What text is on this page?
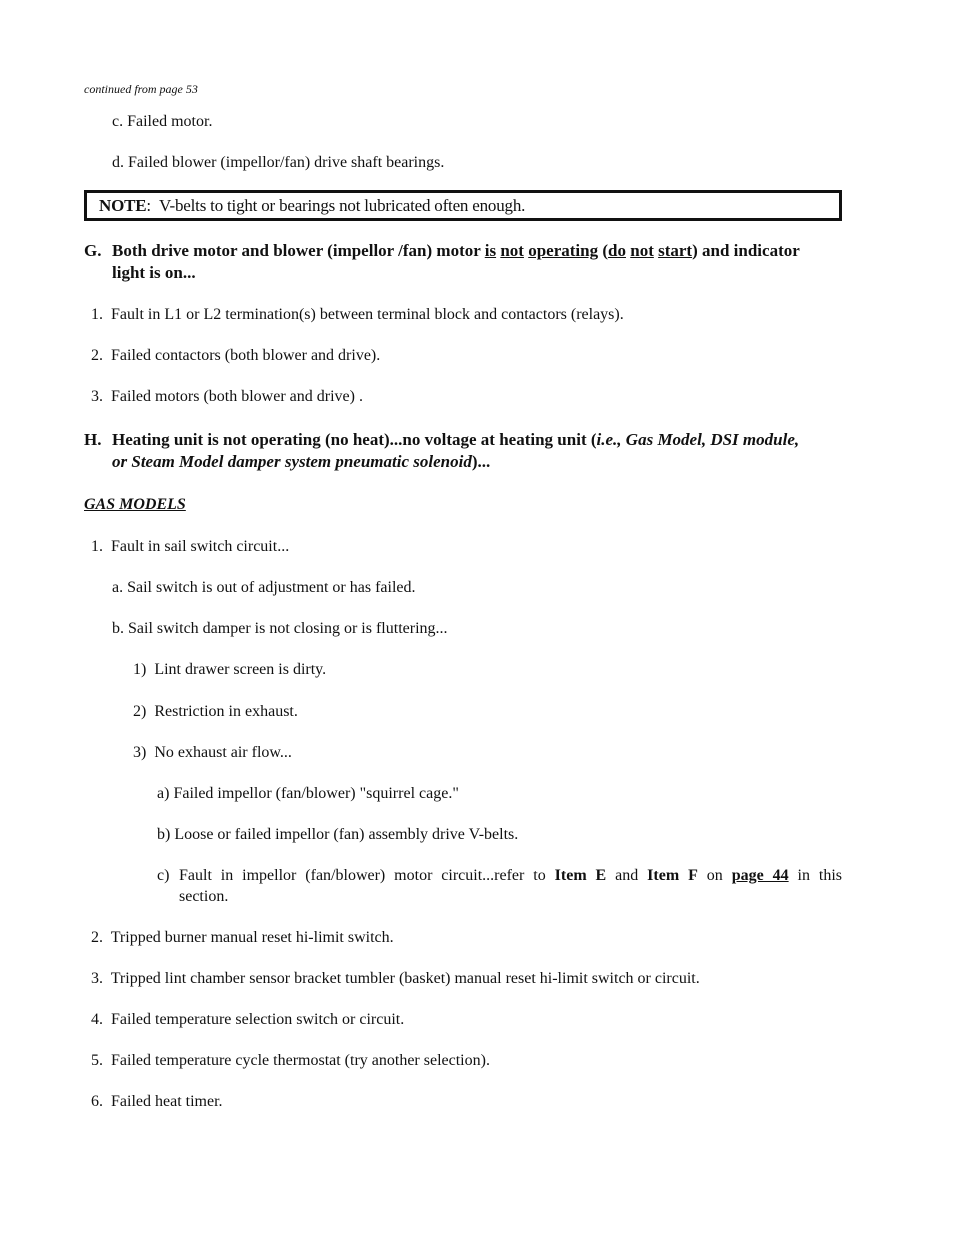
continued from page 53
c. Failed motor.
d. Failed blower (impellor/fan) drive shaft bearings.
NOTE: V-belts to tight or bearings not lubricated often enough.
G. Both drive motor and blower (impellor /fan) motor is not operating (do not start) and indicator
light is on...
1. Fault in L1 or L2 termination(s) between terminal block and contactors (relays).
2. Failed contactors (both blower and drive).
3. Failed motors (both blower and drive) .
H. Heating unit is not operating (no heat)...no voltage at heating unit (i.e., Gas Model, DSI module,
or Steam Model damper system pneumatic solenoid)...
GAS MODELS
1. Fault in sail switch circuit...
a. Sail switch is out of adjustment or has failed.
b. Sail switch damper is not closing or is fluttering...
1) Lint drawer screen is dirty.
2) Restriction in exhaust.
3) No exhaust air flow...
a) Failed impellor (fan/blower) "squirrel cage."
b) Loose or failed impellor (fan) assembly drive V-belts.
c) Fault in impellor (fan/blower) motor circuit...refer to Item E and Item F on page 44 in this
section.
2. Tripped burner manual reset hi-limit switch.
3. Tripped lint chamber sensor bracket tumbler (basket) manual reset hi-limit switch or circuit.
4. Failed temperature selection switch or circuit.
5. Failed temperature cycle thermostat (try another selection).
6. Failed heat timer.
